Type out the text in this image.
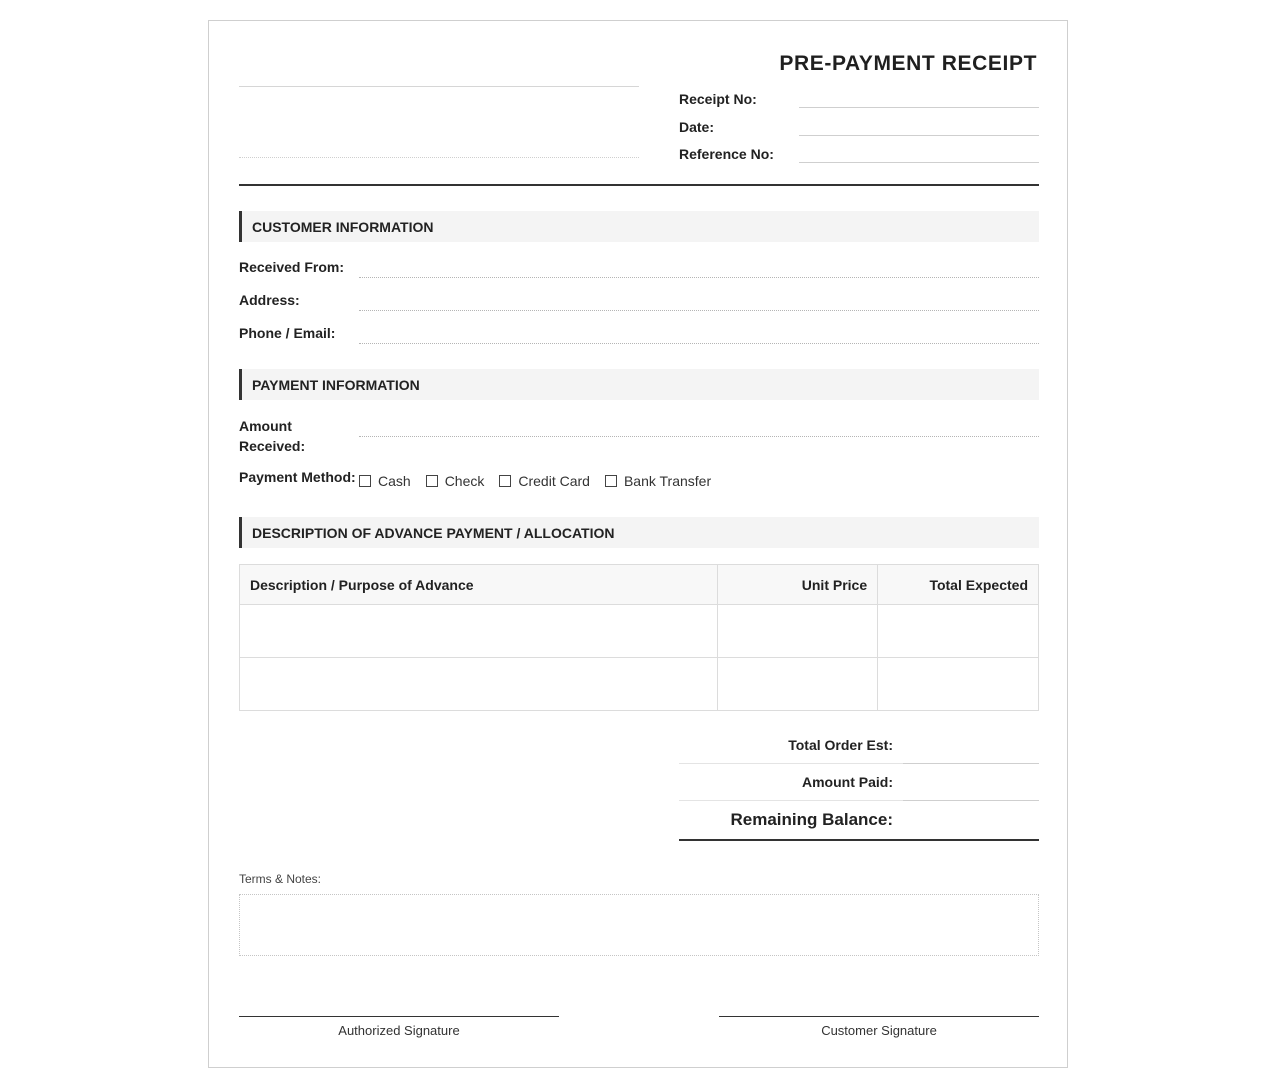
PRE-PAYMENT RECEIPT
Receipt No:
Date:
Reference No:
CUSTOMER INFORMATION
Received From:
Address:
Phone / Email:
PAYMENT INFORMATION
Amount
Received:
Payment Method: Cash Check Credit Card Bank Transfer
DESCRIPTION OF ADVANCE PAYMENT / ALLOCATION
Description / Purpose of Advance	Unit Price	Total Expected

Total Order Est:
Amount Paid:
Remaining Balance:
Terms & Notes:
Authorized Signature	Customer Signature
